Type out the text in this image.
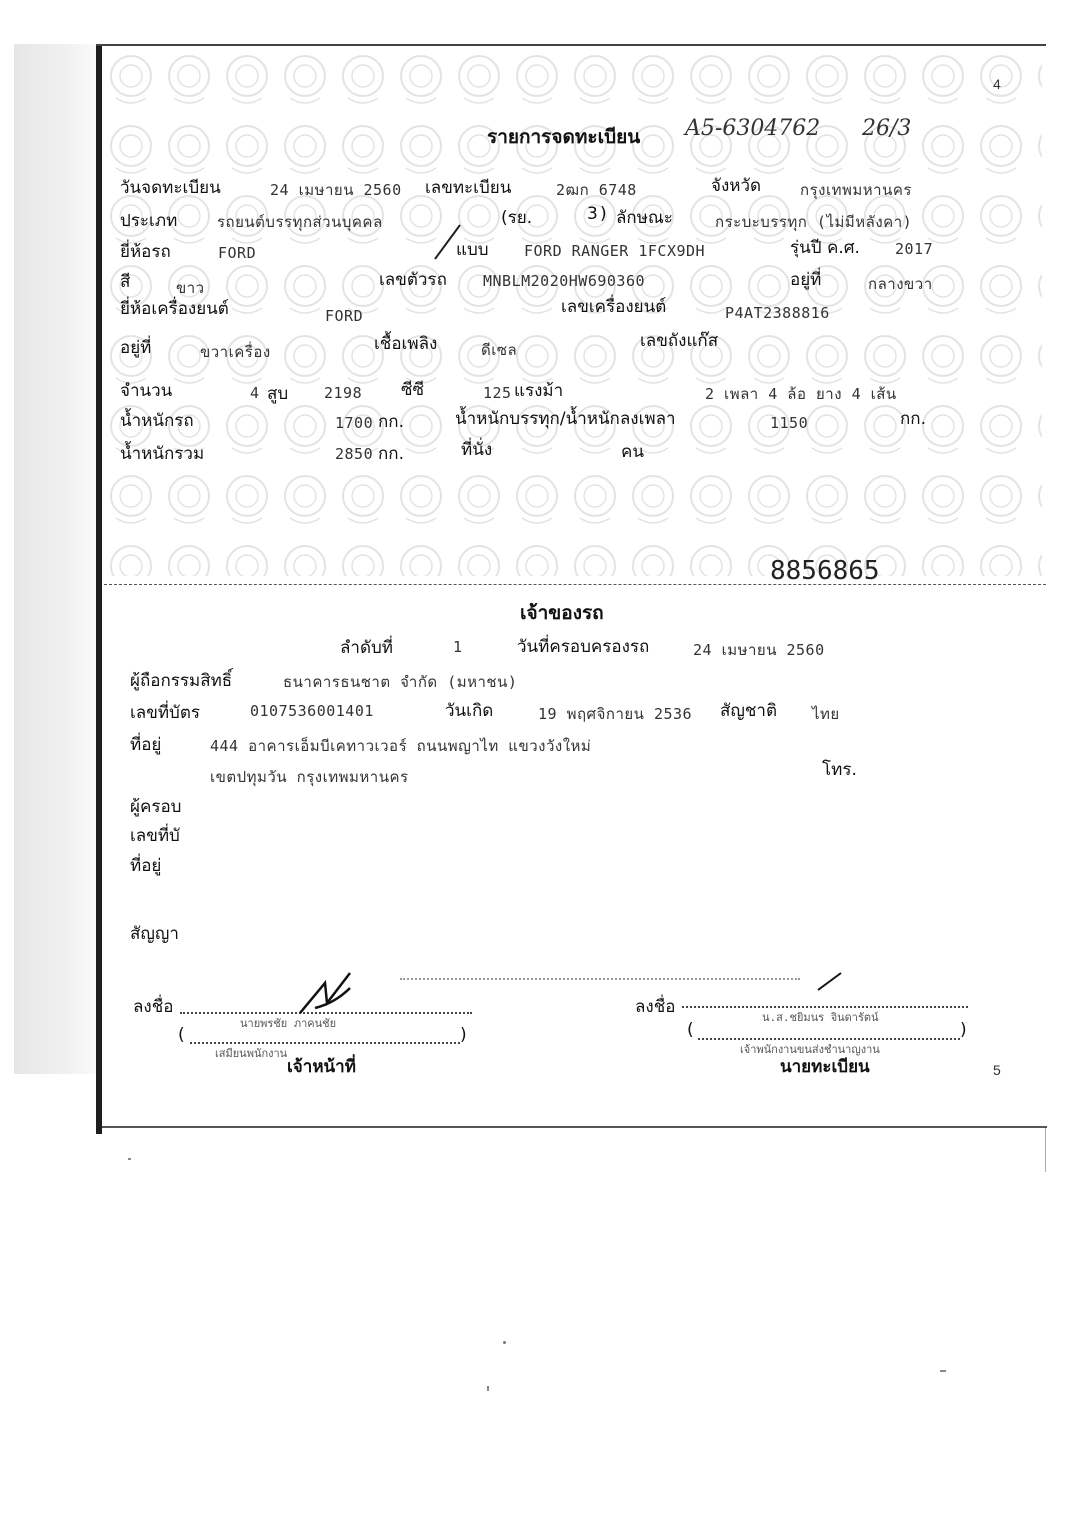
4
5
รายการจดทะเบียน A5-6304762 26/3
วันจดทะเบียน	24 เมษายน 2560 เลขทะเบียน	2ฒก 6748	จังหวัด	กรุงเทพมหานคร
ประเภท	รถยนต์บรรทุกส่วนบุคคล	(รย.	3 ) ลักษณะ	กระบะบรรทุก (ไม่มีหลังคา)
ยี่ห้อรถ	FORD	แบบ FORD RANGER 1FCX9DH	รุ่นปี ค.ศ. 2017
สี	ขาว	เลขตัวรถ MNBLM2020HW690360	อยู่ที่	กลางขวา
ยี่ห้อเครื่องยนต์	FORD	เลขเครื่องยนต์	P4AT2388816
อยู่ที่	ขวาเครื่อง	เชื้อเพลิง	ดีเซล	เลขถังแก๊ส
จำนวน	4 สูบ 2198 ซีซี	125 แรงม้า	2 เพลา 4 ล้อ ยาง 4 เส้น
น้ำหนักรถ	1700 กก.	น้ำหนักบรรทุก/น้ำหนักลงเพลา	1150	กก.
น้ำหนักรวม	2850 กก.	ที่นั่ง	คน
8856865
เจ้าของรถ
ลำดับที่	1	วันที่ครอบครองรถ	24 เมษายน 2560
ผู้ถือกรรมสิทธิ์	ธนาคารธนชาต จำกัด (มหาชน)
เลขที่บัตร	0107536001401	วันเกิด	19 พฤศจิกายน 2536 สัญชาติ ไทย
ที่อยู่	444 อาคารเอ็มบีเคทาวเวอร์ ถนนพญาไท แขวงวังใหม่
เขตปทุมวัน กรุงเทพมหานคร	โทร.
ผู้ครอบ
เลขที่บั
ที่อยู่
สัญญา
ลงชื่อ
นายพรชัย ภาคนชัย
(	)
เสมียนพนักงาน
เจ้าหน้าที่
ลงชื่อ
น.ส.ชยิมนร จินดารัตน์
(	)
เจ้าพนักงานขนส่งชำนาญงาน
นายทะเบียน
